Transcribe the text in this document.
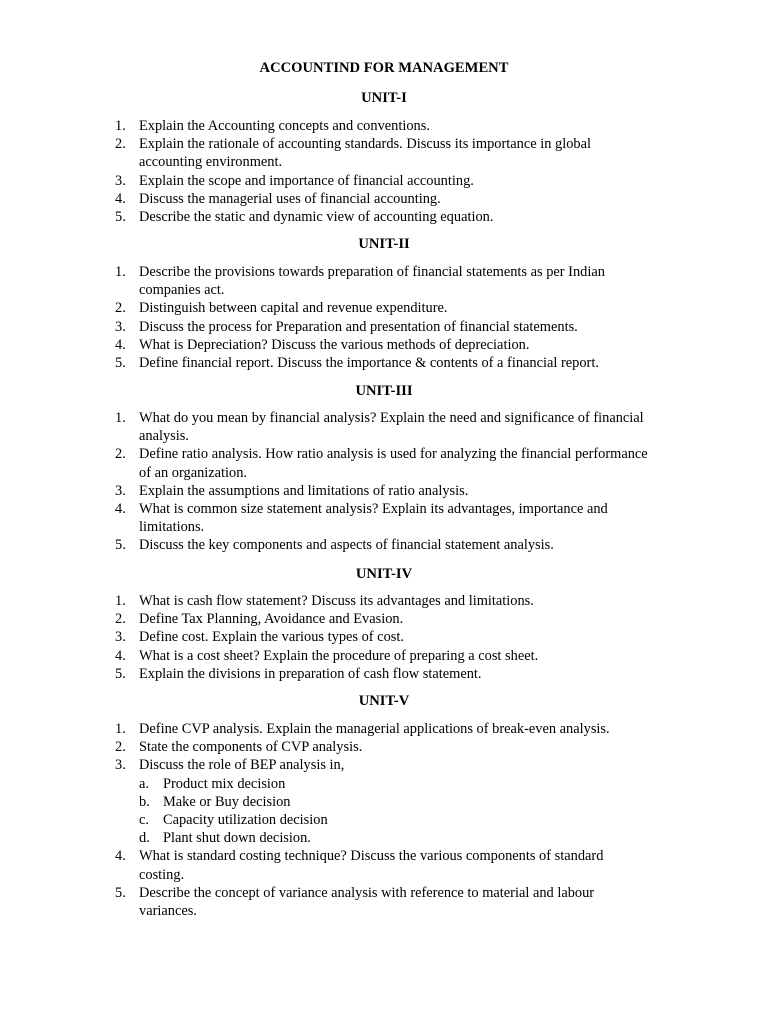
ACCOUNTIND FOR MANAGEMENT
UNIT-I
1. Explain the Accounting concepts and conventions.
2. Explain the rationale of accounting standards. Discuss its importance in global accounting environment.
3. Explain the scope and importance of financial accounting.
4. Discuss the managerial uses of financial accounting.
5. Describe the static and dynamic view of accounting equation.
UNIT-II
1. Describe the provisions towards preparation of financial statements as per Indian companies act.
2. Distinguish between capital and revenue expenditure.
3. Discuss the process for Preparation and presentation of financial statements.
4. What is Depreciation? Discuss the various methods of depreciation.
5. Define financial report. Discuss the importance & contents of a financial report.
UNIT-III
1. What do you mean by financial analysis? Explain the need and significance of financial analysis.
2. Define ratio analysis. How ratio analysis is used for analyzing the financial performance of an organization.
3. Explain the assumptions and limitations of ratio analysis.
4. What is common size statement analysis? Explain its advantages, importance and limitations.
5. Discuss the key components and aspects of financial statement analysis.
UNIT-IV
1. What is cash flow statement? Discuss its advantages and limitations.
2. Define Tax Planning, Avoidance and Evasion.
3. Define cost. Explain the various types of cost.
4. What is a cost sheet? Explain the procedure of preparing a cost sheet.
5. Explain the divisions in preparation of cash flow statement.
UNIT-V
1. Define CVP analysis. Explain the managerial applications of break-even analysis.
2. State the components of CVP analysis.
3. Discuss the role of BEP analysis in,
a. Product mix decision
b. Make or Buy decision
c. Capacity utilization decision
d. Plant shut down decision.
4. What is standard costing technique? Discuss the various components of standard costing.
5. Describe the concept of variance analysis with reference to material and labour variances.
